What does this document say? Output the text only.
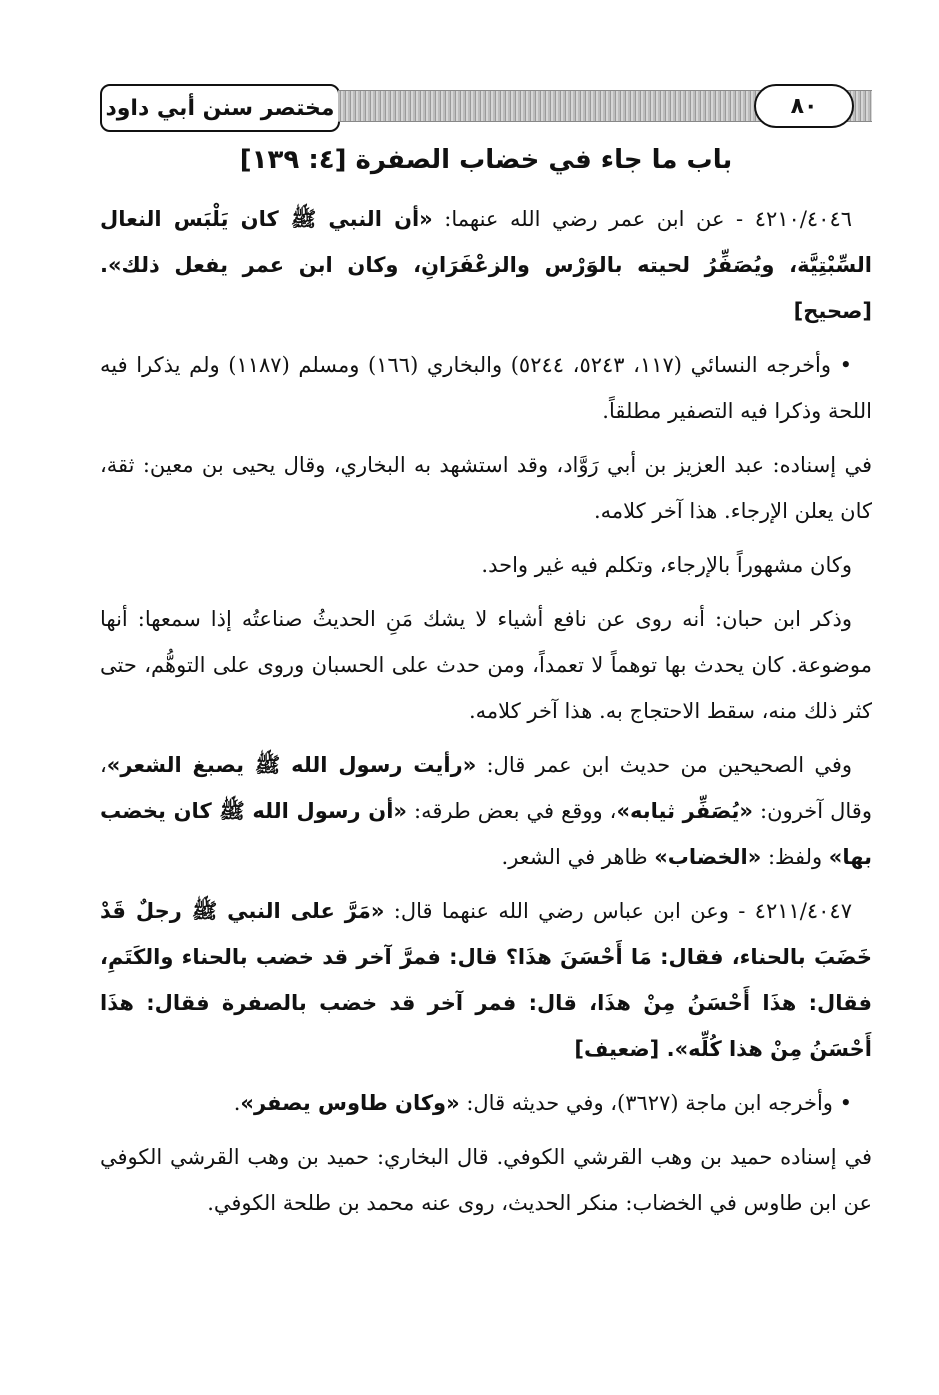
مختصر سنن أبي داود	٨٠
باب ما جاء في خضاب الصفرة [٤: ١٣٩]

٤٢١٠/٤٠٤٦ - عن ابن عمر رضي الله عنهما: «أن النبي ﷺ كان يَلْبَس النعال السِّبْتِيَّة، ويُصَفِّرُ لحيته بالوَرْس والزعْفَرَانِ، وكان ابن عمر يفعل ذلك». [صحيح]

• وأخرجه النسائي (١١٧، ٥٢٤٣، ٥٢٤٤) والبخاري (١٦٦) ومسلم (١١٨٧) ولم يذكرا فيه اللحة وذكرا فيه التصفير مطلقاً.

في إسناده: عبد العزيز بن أبي رَوَّاد، وقد استشهد به البخاري، وقال يحيى بن معين: ثقة، كان يعلن الإرجاء. هذا آخر كلامه.

وكان مشهوراً بالإرجاء، وتكلم فيه غير واحد.

وذكر ابن حبان: أنه روى عن نافع أشياء لا يشك مَنِ الحديثُ صناعتُه إذا سمعها: أنها موضوعة. كان يحدث بها توهماً لا تعمداً، ومن حدث على الحسبان وروى على التوهُّم، حتى كثر ذلك منه، سقط الاحتجاج به. هذا آخر كلامه.

وفي الصحيحين من حديث ابن عمر قال: «رأيت رسول الله ﷺ يصبغ الشعر»، وقال آخرون: «يُصَفِّر ثيابه»، ووقع في بعض طرقه: «أن رسول الله ﷺ كان يخضب بها» ولفظ: «الخضاب» ظاهر في الشعر.

٤٢١١/٤٠٤٧ - وعن ابن عباس رضي الله عنهما قال: «مَرَّ على النبي ﷺ رجلٌ قَدْ خَضَبَ بالحناء، فقال: مَا أَحْسَنَ هذَا؟ قال: فمرَّ آخر قد خضب بالحناء والكَتَمِ، فقال: هذَا أَحْسَنُ مِنْ هذَا، قال: فمر آخر قد خضب بالصفرة فقال: هذَا أَحْسَنُ مِنْ هذا كُلِّه». [ضعيف]

• وأخرجه ابن ماجة (٣٦٢٧)، وفي حديثه قال: «وكان طاوس يصفر».

في إسناده حميد بن وهب القرشي الكوفي. قال البخاري: حميد بن وهب القرشي الكوفي عن ابن طاوس في الخضاب: منكر الحديث، روى عنه محمد بن طلحة الكوفي.
